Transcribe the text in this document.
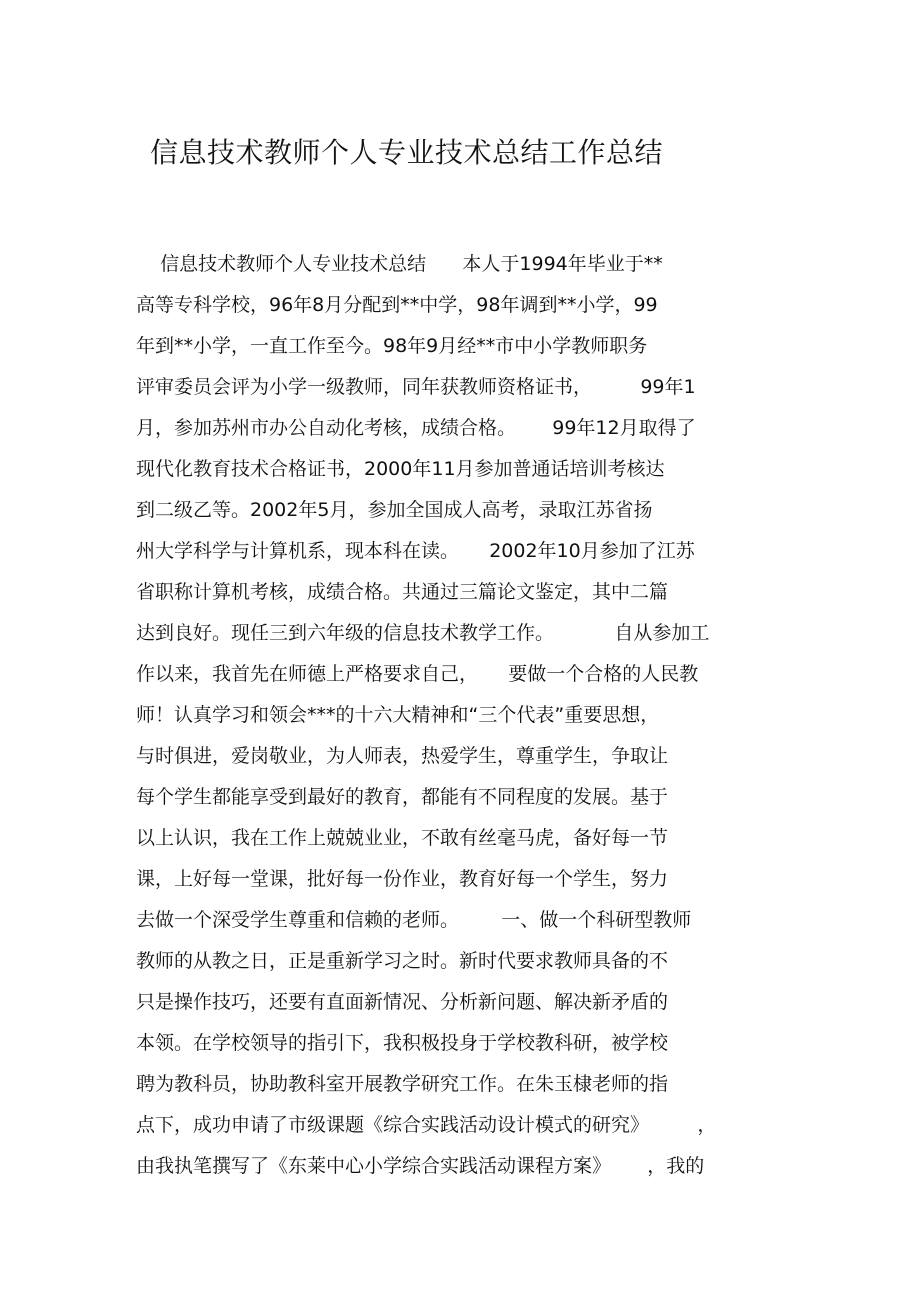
信息技术教师个人专业技术总结工作总结
信息技术教师个人专业技术总结      本人于1994年毕业于**
高等专科学校，96年8月分配到**中学，98年调到**小学，99
年到**小学，一直工作至今。98年9月经**市中小学教师职务
评审委员会评为小学一级教师，同年获教师资格证书，        99年1
月，参加苏州市办公自动化考核，成绩合格。      99年12月取得了
现代化教育技术合格证书，2000年11月参加普通话培训考核达
到二级乙等。2002年5月，参加全国成人高考，录取江苏省扬
州大学科学与计算机系，现本科在读。     2002年10月参加了江苏
省职称计算机考核，成绩合格。共通过三篇论文鉴定，其中二篇
达到良好。现任三到六年级的信息技术教学工作。          自从参加工
作以来，我首先在师德上严格要求自己，     要做一个合格的人民教
师！认真学习和领会***的十六大精神和“三个代表”重要思想，
与时俱进，爱岗敬业，为人师表，热爱学生，尊重学生，争取让
每个学生都能享受到最好的教育，都能有不同程度的发展。基于
以上认识，我在工作上兢兢业业，不敢有丝毫马虎，备好每一节
课，上好每一堂课，批好每一份作业，教育好每一个学生，努力
去做一个深受学生尊重和信赖的老师。       一、做一个科研型教师
教师的从教之日，正是重新学习之时。新时代要求教师具备的不
只是操作技巧，还要有直面新情况、分析新问题、解决新矛盾的
本领。在学校领导的指引下，我积极投身于学校教科研，被学校
聘为教科员，协助教科室开展教学研究工作。在朱玉棣老师的指
点下，成功申请了市级课题《综合实践活动设计模式的研究》        ，
由我执笔撰写了《东莱中心小学综合实践活动课程方案》      ，我的
